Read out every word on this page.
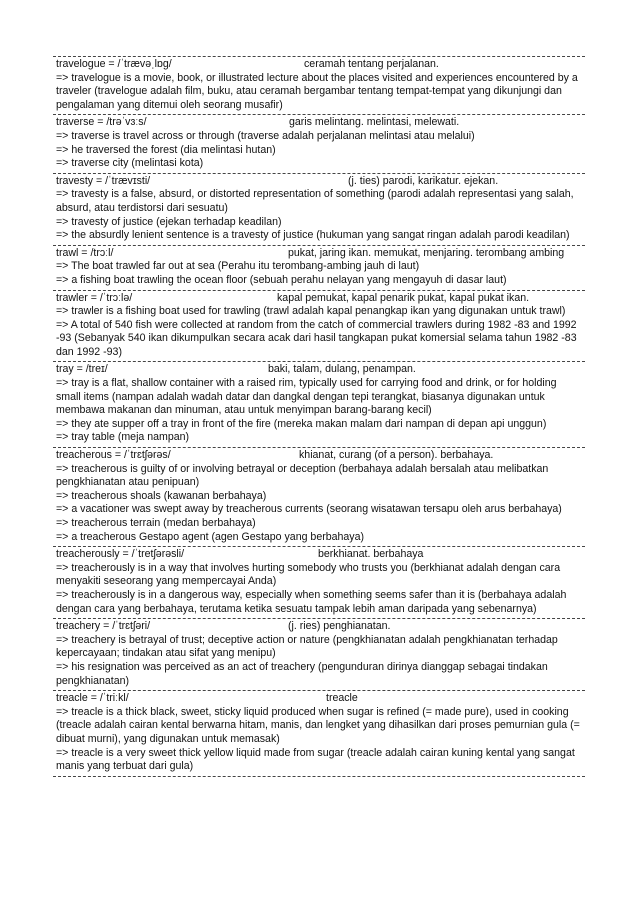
travelogue = /ˈtrævəˌlɒg/	ceramah tentang perjalanan.

=> travelogue is a movie, book, or illustrated lecture about the places visited and experiences encountered by a traveler (travelogue adalah film, buku, atau ceramah bergambar tentang tempat-tempat yang dikunjungi dan pengalaman yang ditemui oleh seorang musafir)

traverse = /trəˈvɜːs/	garis melintang. melintasi, melewati.

=> traverse is travel across or through (traverse adalah perjalanan melintasi atau melalui)

=> he traversed the forest (dia melintasi hutan)

=> traverse city (melintasi kota)

travesty = /ˈtrævɪsti/	(j. ties) parodi, karikatur. ejekan.

=> travesty is a false, absurd, or distorted representation of something (parodi adalah representasi yang salah, absurd, atau terdistorsi dari sesuatu)

=> travesty of justice (ejekan terhadap keadilan)

=> the absurdly lenient sentence is a travesty of justice (hukuman yang sangat ringan adalah parodi keadilan)

trawl = /trɔːl/	pukat, jaring ikan. memukat, menjaring. terombang ambing

=> The boat trawled far out at sea (Perahu itu terombang-ambing jauh di laut)

=> a fishing boat trawling the ocean floor (sebuah perahu nelayan yang mengayuh di dasar laut)

trawler = /ˈtrɔːlə/	kapal pemukat, kapal penarik pukat, kapal pukat ikan.

=> trawler is a fishing boat used for trawling (trawl adalah kapal penangkap ikan yang digunakan untuk trawl)

=> A total of 540 fish were collected at random from the catch of commercial trawlers during 1982 -83 and 1992 -93 (Sebanyak 540 ikan dikumpulkan secara acak dari hasil tangkapan pukat komersial selama tahun 1982 -83 dan 1992 -93)

tray = /treɪ/	baki, talam, dulang, penampan.

=> tray is a flat, shallow container with a raised rim, typically used for carrying food and drink, or for holding small items (nampan adalah wadah datar dan dangkal dengan tepi terangkat, biasanya digunakan untuk membawa makanan dan minuman, atau untuk menyimpan barang-barang kecil)

=> they ate supper off a tray in front of the fire (mereka makan malam dari nampan di depan api unggun)

=> tray table (meja nampan)

treacherous = /ˈtrɛtʃərəs/	khianat, curang (of a person). berbahaya.

=> treacherous is guilty of or involving betrayal or deception (berbahaya adalah bersalah atau melibatkan pengkhianatan atau penipuan)

=> treacherous shoals (kawanan berbahaya)

=> a vacationer was swept away by treacherous currents (seorang wisatawan tersapu oleh arus berbahaya)

=> treacherous terrain (medan berbahaya)

=> a treacherous Gestapo agent (agen Gestapo yang berbahaya)

treacherously = /ˈtretʃərəsli/	berkhianat. berbahaya

=> treacherously is in a way that involves hurting somebody who trusts you (berkhianat adalah dengan cara menyakiti seseorang yang mempercayai Anda)

=> treacherously is in a dangerous way, especially when something seems safer than it is (berbahaya adalah dengan cara yang berbahaya, terutama ketika sesuatu tampak lebih aman daripada yang sebenarnya)

treachery = /ˈtrɛtʃəri/	(j. ries) penghianatan.

=> treachery is betrayal of trust; deceptive action or nature (pengkhianatan adalah pengkhianatan terhadap kepercayaan; tindakan atau sifat yang menipu)

=> his resignation was perceived as an act of treachery (pengunduran dirinya dianggap sebagai tindakan pengkhianatan)

treacle = /ˈtriːkl/	treacle

=> treacle is a thick black, sweet, sticky liquid produced when sugar is refined (= made pure), used in cooking (treacle adalah cairan kental berwarna hitam, manis, dan lengket yang dihasilkan dari proses pemurnian gula (= dibuat murni), yang digunakan untuk memasak)

=> treacle is a very sweet thick yellow liquid made from sugar (treacle adalah cairan kuning kental yang sangat manis yang terbuat dari gula)
